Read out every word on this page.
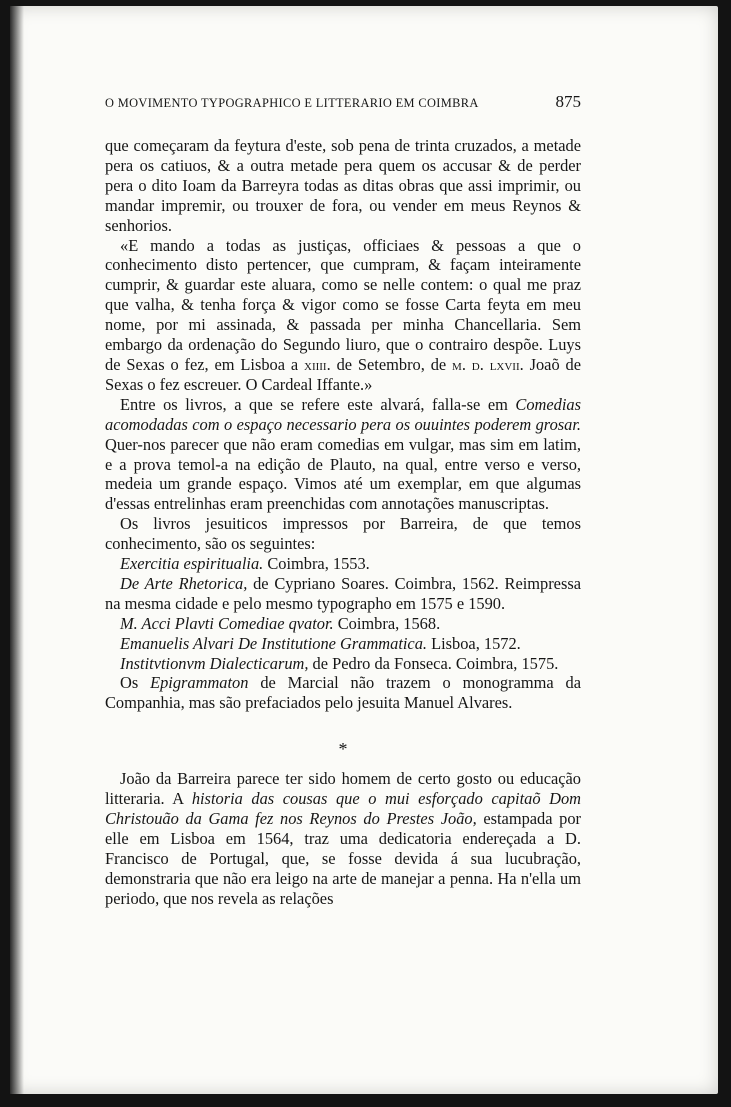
O MOVIMENTO TYPOGRAPHICO E LITTERARIO EM COIMBRA	875

que começaram da feytura d'este, sob pena de trinta cruzados, a metade pera os catiuos, & a outra metade pera quem os accusar & de perder pera o dito Ioam da Barreyra todas as ditas obras que assi imprimir, ou mandar impremir, ou trouxer de fora, ou vender em meus Reynos & senhorios.

«E mando a todas as justiças, officiaes & pessoas a que o conhecimento disto pertencer, que cumpram, & façam inteiramente cumprir, & guardar este aluara, como se nelle contem: o qual me praz que valha, & tenha força & vigor como se fosse Carta feyta em meu nome, por mi assinada, & passada per minha Chancellaria. Sem embargo da ordenação do Segundo liuro, que o contrairo despõe. Luys de Sexas o fez, em Lisboa a xiiii. de Setembro, de m. d. lxvii. Joaõ de Sexas o fez escreuer. O Cardeal Iffante.»

Entre os livros, a que se refere este alvará, falla-se em Comedias acomodadas com o espaço necessario pera os ouuintes poderem grosar. Quer-nos parecer que não eram comedias em vulgar, mas sim em latim, e a prova temol-a na edição de Plauto, na qual, entre verso e verso, medeia um grande espaço. Vimos até um exemplar, em que algumas d'essas entrelinhas eram preenchidas com annotações manuscriptas.

Os livros jesuiticos impressos por Barreira, de que temos conhecimento, são os seguintes:

Exercitia espiritualia. Coimbra, 1553.

De Arte Rhetorica, de Cypriano Soares. Coimbra, 1562. Reimpressa na mesma cidade e pelo mesmo typographo em 1575 e 1590.

M. Acci Plavti Comediae qvator. Coimbra, 1568.

Emanuelis Alvari De Institutione Grammatica. Lisboa, 1572.

Institvtionvm Dialecticarum, de Pedro da Fonseca. Coimbra, 1575.

Os Epigrammaton de Marcial não trazem o monogramma da Companhia, mas são prefaciados pelo jesuita Manuel Alvares.

*

João da Barreira parece ter sido homem de certo gosto ou educação litteraria. A historia das cousas que o mui esforçado capitaõ Dom Christouão da Gama fez nos Reynos do Prestes João, estampada por elle em Lisboa em 1564, traz uma dedicatoria endereçada a D. Francisco de Portugal, que, se fosse devida á sua lucubração, demonstraria que não era leigo na arte de manejar a penna. Ha n'ella um periodo, que nos revela as relações
